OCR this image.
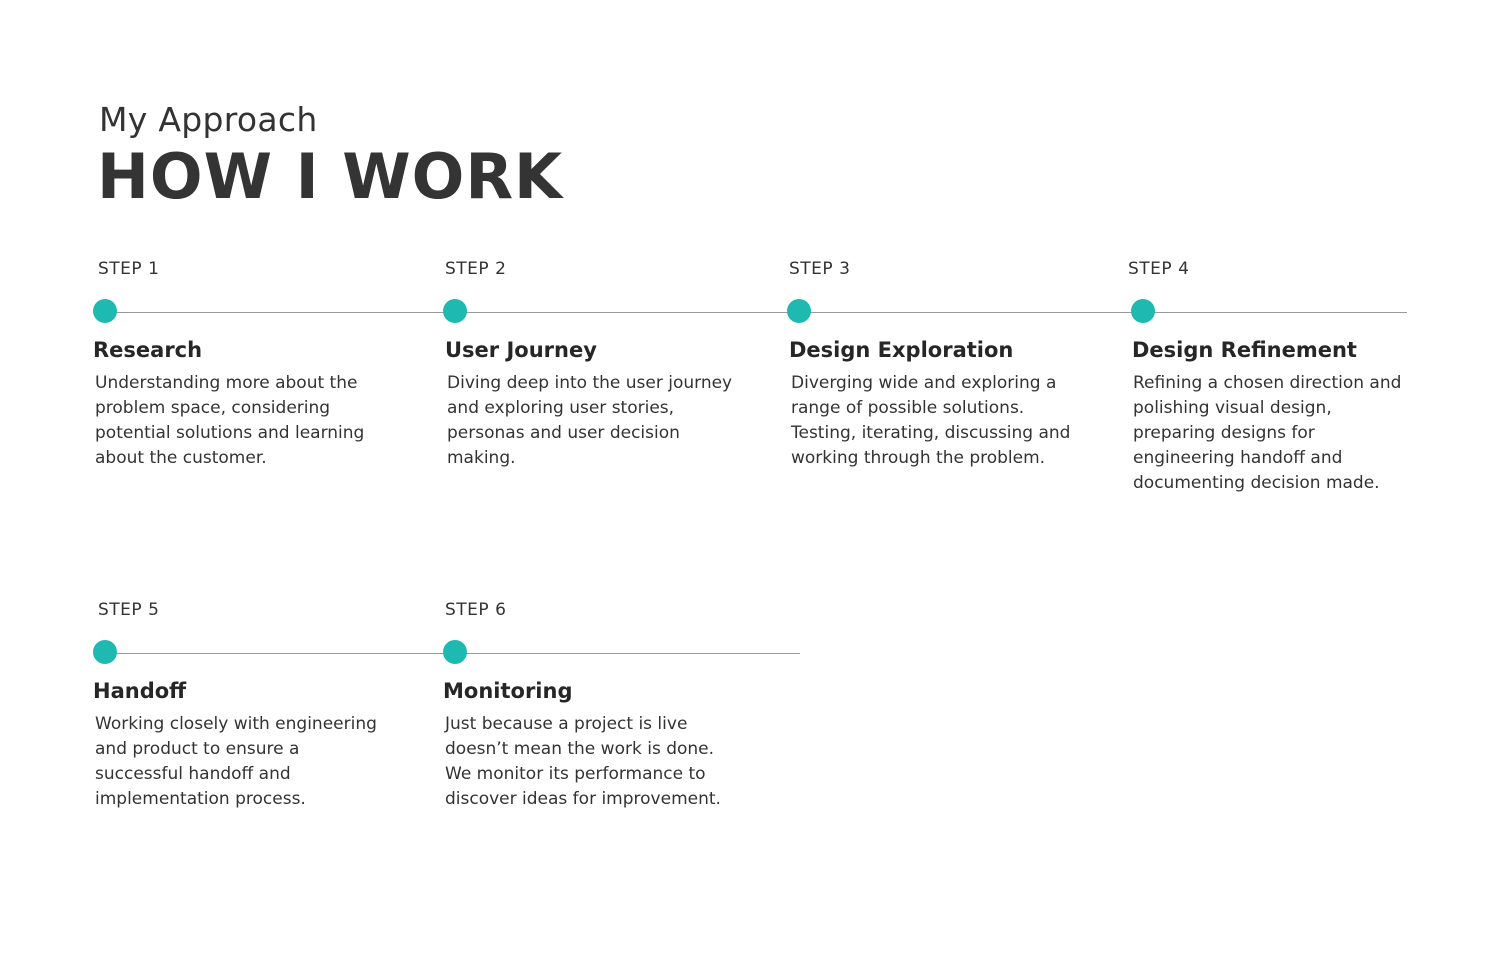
My Approach
HOW I WORK
STEP 1
Research

Understanding more about the problem space, considering potential solutions and learning about the customer.

STEP 2
User Journey

Diving deep into the user journey and exploring user stories, personas and user decision making.

STEP 3
Design Exploration

Diverging wide and exploring a range of possible solutions. Testing, iterating, discussing and working through the problem.

STEP 4
Design Refinement

Refining a chosen direction and polishing visual design, preparing designs for engineering handoff and documenting decision made.

STEP 5
Handoff

Working closely with engineering and product to ensure a successful handoff and implementation process.

STEP 6
Monitoring

Just because a project is live doesn’t mean the work is done. We monitor its performance to discover ideas for improvement.
